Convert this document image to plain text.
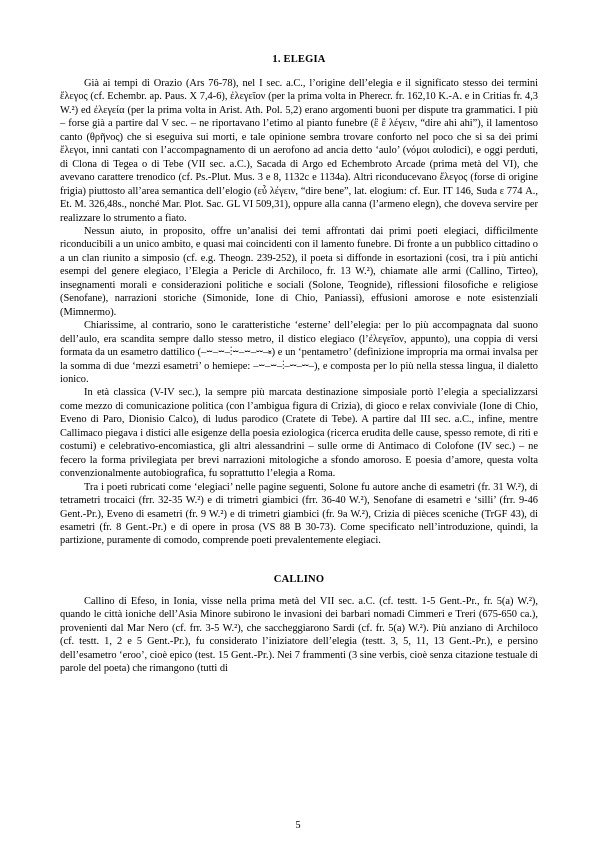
1. ELEGIA

Già ai tempi di Orazio (Ars 76-78), nel I sec. a.C., l’origine dell’elegia e il significato stesso dei termini ἔλεγος (cf. Echembr. ap. Paus. X 7,4-6), ἐλεγεῖον (per la prima volta in Pherecr. fr. 162,10 K.-A. e in Critias fr. 4,3 W.²) ed ἐλεγεία (per la prima volta in Arist. Ath. Pol. 5,2) erano argomenti buoni per dispute tra grammatici. I più – forse già a partire dal V sec. – ne riportavano l’etimo al pianto funebre (ἒ ἒ λέγειν, “dire ahi ahi”), il lamentoso canto (θρῆνος) che si eseguiva sui morti, e tale opinione sembra trovare conforto nel poco che si sa dei primi ἔλεγοι, inni cantati con l’accompagnamento di un aerofono ad ancia detto ‘aulo’ (νόμοι αυlodici), e oggi perduti, di Clona di Tegea o di Tebe (VII sec. a.C.), Sacada di Argo ed Echembroto Arcade (prima metà del VI), che avevano carattere trenodico (cf. Ps.-Plut. Mus. 3 e 8, 1132c e 1134a). Altri riconducevano ἔλεγος (forse di origine frigia) piuttosto all’area semantica dell’elogio (εὖ λέγειν, “dire bene”, lat. elogium: cf. Eur. IT 146, Suda ε 774 A., Et. M. 326,48s., nonché Mar. Plot. Sac. GL VI 509,31), oppure alla canna (l’armeno elegn), che doveva servire per realizzare lo strumento a fiato.

Nessun aiuto, in proposito, offre un’analisi dei temi affrontati dai primi poeti elegiaci, difficilmente riconducibili a un unico ambito, e quasi mai coincidenti con il lamento funebre. Di fronte a un pubblico cittadino o a un clan riunito a simposio (cf. e.g. Theogn. 239-252), il poeta si diffonde in esortazioni (così, tra i più antichi esempi del genere elegiaco, l’Elegia a Pericle di Archiloco, fr. 13 W.²), chiamate alle armi (Callino, Tirteo), insegnamenti morali e considerazioni politiche e sociali (Solone, Teognide), riflessioni filosofiche e religiose (Senofane), narrazioni storiche (Simonide, Ione di Chio, Paniassi), effusioni amorose e note esistenziali (Mimnermo).

Chiarissime, al contrario, sono le caratteristiche ‘esterne’ dell’elegia: per lo più accompagnata dal suono dell’aulo, era scandita sempre dallo stesso metro, il distico elegiaco (l’ἐλεγεῖον, appunto), una coppia di versi formata da un esametro dattilico (–⏖–⏖–⁝⏖–⏖–⏑⏑–⏓) e un ‘pentametro’ (definizione impropria ma ormai invalsa per la somma di due ‘mezzi esametri’ o hemiepe: –⏖–⏖–⁝–⏑⏑–⏑⏑–), e composta per lo più nella stessa lingua, il dialetto ionico.

In età classica (V-IV sec.), la sempre più marcata destinazione simposiale portò l’elegia a specializzarsi come mezzo di comunicazione politica (con l’ambigua figura di Crizia), di gioco e relax conviviale (Ione di Chio, Eveno di Paro, Dionisio Calco), di ludus parodico (Cratete di Tebe). A partire dal III sec. a.C., infine, mentre Callimaco piegava i distici alle esigenze della poesia eziologica (ricerca erudita delle cause, spesso remote, di riti e costumi) e celebrativo-encomiastica, gli altri alessandrini – sulle orme di Antimaco di Colofone (IV sec.) – ne fecero la forma privilegiata per brevi narrazioni mitologiche a sfondo amoroso. E poesia d’amore, questa volta convenzionalmente autobiografica, fu soprattutto l’elegia a Roma.

Tra i poeti rubricati come ‘elegiaci’ nelle pagine seguenti, Solone fu autore anche di esametri (fr. 31 W.²), di tetrametri trocaici (frr. 32-35 W.²) e di trimetri giambici (frr. 36-40 W.²), Senofane di esametri e ‘silli’ (frr. 9-46 Gent.-Pr.), Eveno di esametri (fr. 9 W.²) e di trimetri giambici (fr. 9a W.²), Crizia di pièces sceniche (TrGF 43), di esametri (fr. 8 Gent.-Pr.) e di opere in prosa (VS 88 B 30-73). Come specificato nell’introduzione, quindi, la partizione, puramente di comodo, comprende poeti prevalentemente elegiaci.

CALLINO

Callino di Efeso, in Ionia, visse nella prima metà del VII sec. a.C. (cf. testt. 1-5 Gent.-Pr., fr. 5(a) W.²), quando le città ioniche dell’Asia Minore subirono le invasioni dei barbari nomadi Cimmeri e Treri (675-650 ca.), provenienti dal Mar Nero (cf. frr. 3-5 W.²), che saccheggiarono Sardi (cf. fr. 5(a) W.²). Più anziano di Archiloco (cf. testt. 1, 2 e 5 Gent.-Pr.), fu considerato l’iniziatore dell’elegia (testt. 3, 5, 11, 13 Gent.-Pr.), e persino dell’esametro ‘eroo’, cioè epico (test. 15 Gent.-Pr.). Nei 7 frammenti (3 sine verbis, cioè senza citazione testuale di parole del poeta) che rimangono (tutti di

5
